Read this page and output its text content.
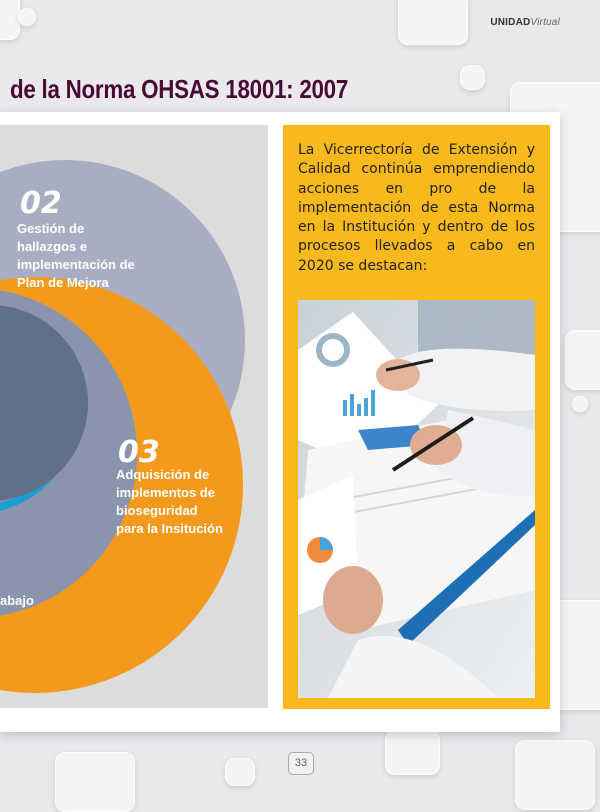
UNIDADVirtual
de la Norma OHSAS 18001: 2007
02
Gestión de
hallazgos e
implementación de
Plan de Mejora
03
Adquisición de
implementos de
bioseguridad
para la Insitución
abajo

La Vicerrectoría de Extensión y Calidad continúa emprendiendo acciones en pro de la implementación de esta Norma en la Institución y dentro de los procesos llevados a cabo en 2020 se destacan:

33
